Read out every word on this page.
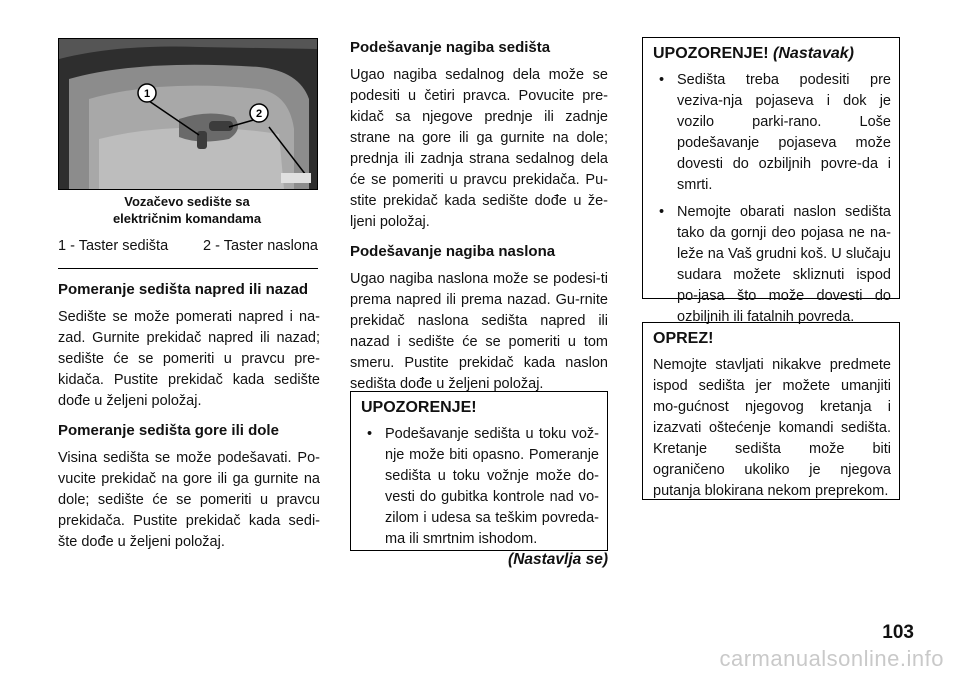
1
2
Vozačevo sedište sa
električnim komandama
1 - Taster sedišta 2 - Taster naslona
Pomeranje sedišta napred ili nazad
Sedište se može pomerati napred i na-zad. Gurnite prekidač napred ili nazad; sedište će se pomeriti u pravcu pre-kidača. Pustite prekidač kada sedište dođe u željeni položaj.
Pomeranje sedišta gore ili dole
Visina sedišta se može podešavati. Po-vucite prekidač na gore ili ga gurnite na dole; sedište će se pomeriti u pravcu prekidača. Pustite prekidač kada sedi-šte dođe u željeni položaj.
Podešavanje nagiba sedišta
Ugao nagiba sedalnog dela može se podesiti u četiri pravca. Povucite pre-kidač sa njegove prednje ili zadnje strane na gore ili ga gurnite na dole; prednja ili zadnja strana sedalnog dela će se pomeriti u pravcu prekidača. Pu-stite prekidač kada sedište dođe u že-ljeni položaj.
Podešavanje nagiba naslona
Ugao nagiba naslona može se podesi-ti prema napred ili prema nazad. Gu-rnite prekidač naslona sedišta napred ili nazad i sedište će se pomeriti u tom smeru. Pustite prekidač kada naslon sedišta dođe u željeni položaj.
UPOZORENJE!
• Podešavanje sedišta u toku vož-nje može biti opasno. Pomeranje sedišta u toku vožnje može do-vesti do gubitka kontrole nad vo-zilom i udesa sa teškim povreda-ma ili smrtnim ishodom.
(Nastavlja se)
UPOZORENJE! (Nastavak)
• Sedišta treba podesiti pre veziva-nja pojaseva i dok je vozilo parki-rano. Loše podešavanje pojaseva može dovesti do ozbiljnih povre-da i smrti.
• Nemojte obarati naslon sedišta tako da gornji deo pojasa ne na-leže na Vaš grudni koš. U slučaju sudara možete skliznuti ispod po-jasa što može dovesti do ozbiljnih ili fatalnih povreda.
OPREZ!
Nemojte stavljati nikakve predmete ispod sedišta jer možete umanjiti mo-gućnost njegovog kretanja i izazvati oštećenje komandi sedišta. Kretanje sedišta može biti ograničeno ukoliko je njegova putanja blokirana nekom preprekom.
103
carmanualsonline.info
